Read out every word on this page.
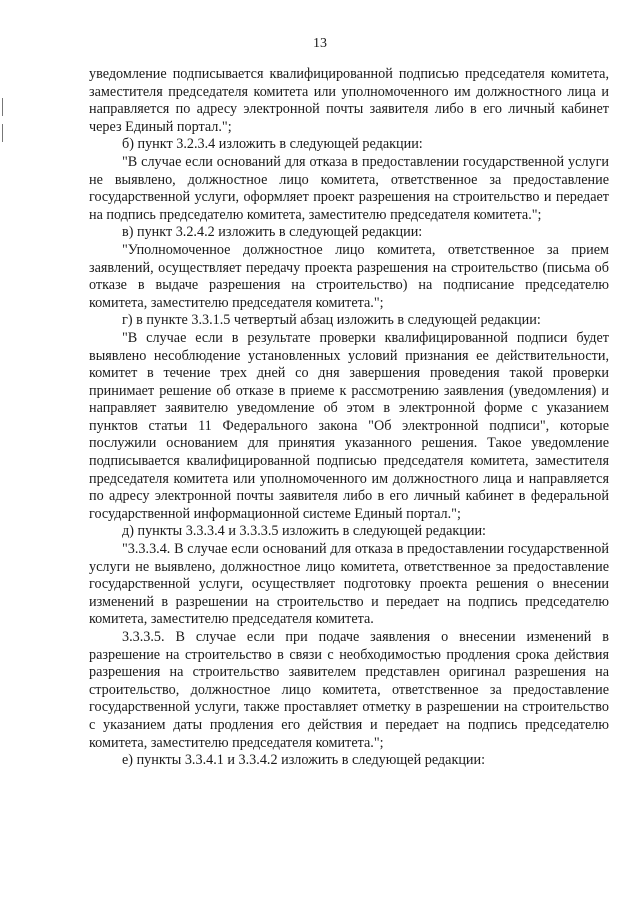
13

уведомление подписывается квалифицированной подписью председателя комитета, заместителя председателя комитета или уполномоченного им должностного лица и направляется по адресу электронной почты заявителя либо в его личный кабинет через Единый портал.";

б) пункт 3.2.3.4 изложить в следующей редакции:

"В случае если оснований для отказа в предоставлении государственной услуги не выявлено, должностное лицо комитета, ответственное за предоставление государственной услуги, оформляет проект разрешения на строительство и передает на подпись председателю комитета, заместителю председателя комитета.";

в) пункт 3.2.4.2 изложить в следующей редакции:

"Уполномоченное должностное лицо комитета, ответственное за прием заявлений, осуществляет передачу проекта разрешения на строительство (письма об отказе в выдаче разрешения на строительство) на подписание председателю комитета, заместителю председателя комитета.";

г) в пункте 3.3.1.5 четвертый абзац изложить в следующей редакции:

"В случае если в результате проверки квалифицированной подписи будет выявлено несоблюдение установленных условий признания ее действительности, комитет в течение трех дней со дня завершения проведения такой проверки принимает решение об отказе в приеме к рассмотрению заявления (уведомления) и направляет заявителю уведомление об этом в электронной форме с указанием пунктов статьи 11 Федерального закона "Об электронной подписи", которые послужили основанием для принятия указанного решения. Такое уведомление подписывается квалифицированной подписью председателя комитета, заместителя председателя комитета или уполномоченного им должностного лица и направляется по адресу электронной почты заявителя либо в его личный кабинет в федеральной государственной информационной системе Единый портал.";

д) пункты 3.3.3.4 и 3.3.3.5 изложить в следующей редакции:

"3.3.3.4. В случае если оснований для отказа в предоставлении государственной услуги не выявлено, должностное лицо комитета, ответственное за предоставление государственной услуги, осуществляет подготовку проекта решения о внесении изменений в разрешении на строительство и передает на подпись председателю комитета, заместителю председателя комитета.

3.3.3.5. В случае если при подаче заявления о внесении изменений в разрешение на строительство в связи с необходимостью продления срока действия разрешения на строительство заявителем представлен оригинал разрешения на строительство, должностное лицо комитета, ответственное за предоставление государственной услуги, также проставляет отметку в разрешении на строительство с указанием даты продления его действия и передает на подпись председателю комитета, заместителю председателя комитета.";

е) пункты 3.3.4.1 и 3.3.4.2 изложить в следующей редакции:
